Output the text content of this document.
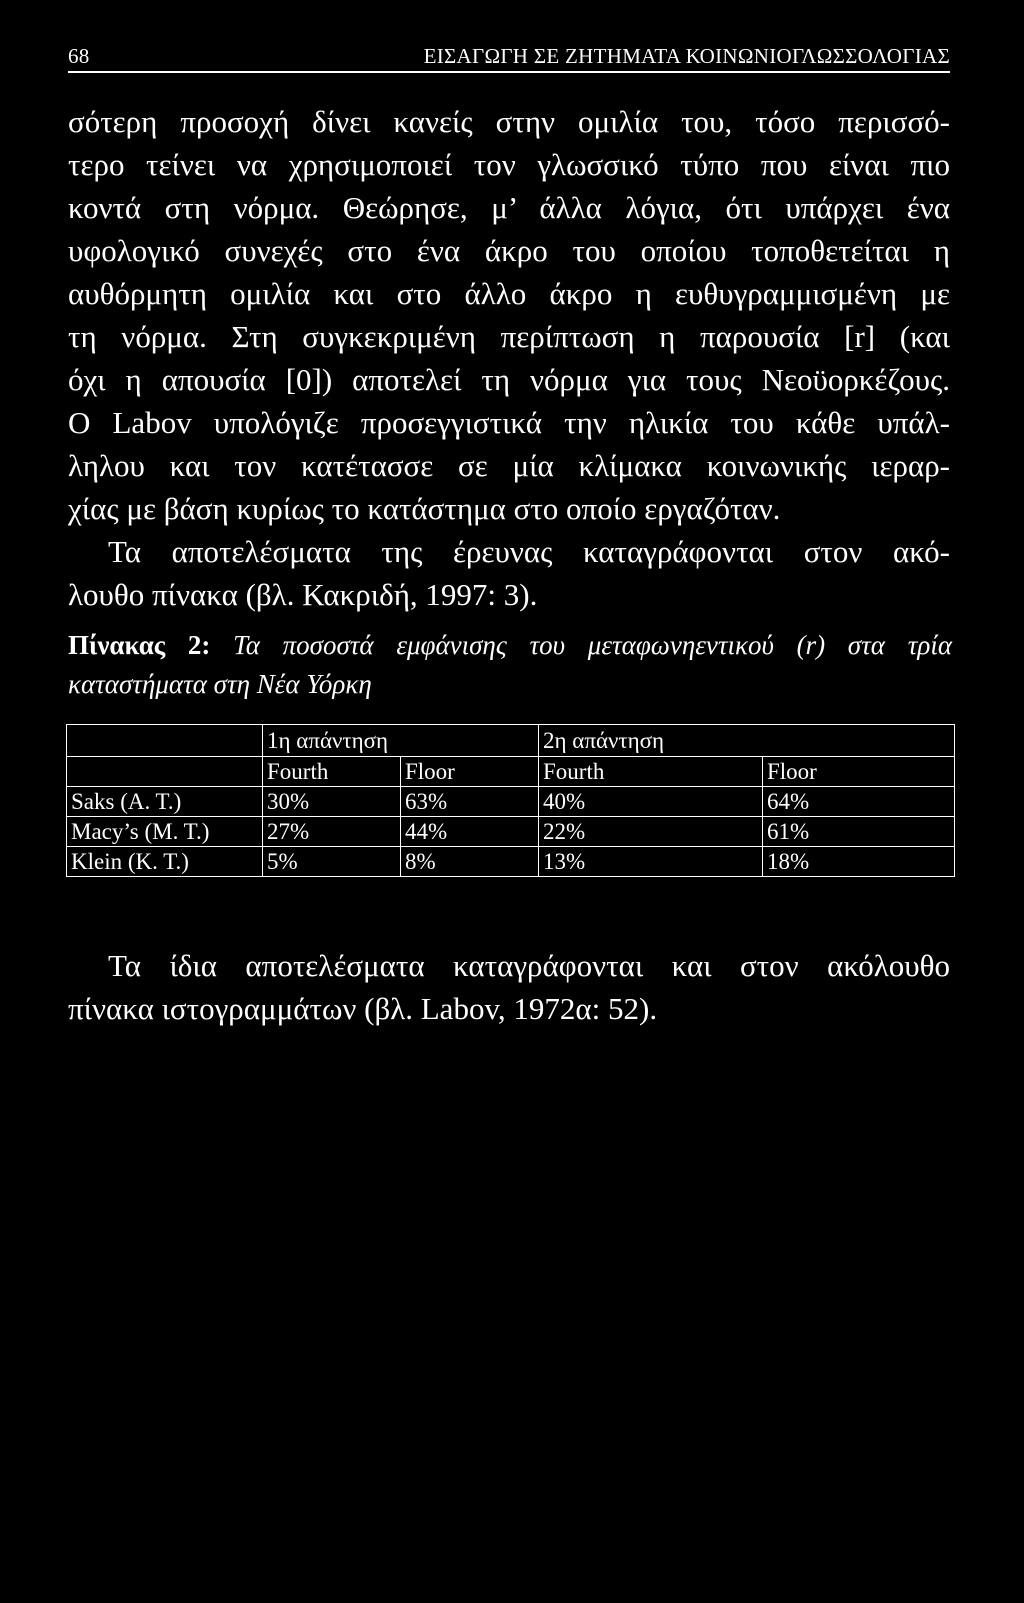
68	ΕΙΣΑΓΩΓΗ ΣΕ ΖΗΤΗΜΑΤΑ ΚΟΙΝΩΝΙΟΓΛΩΣΣΟΛΟΓΙΑΣ
σότερη προσοχή δίνει κανείς στην ομιλία του, τόσο περισσό-
τερο τείνει να χρησιμοποιεί τον γλωσσικό τύπο που είναι πιο
κοντά στη νόρμα. Θεώρησε, μ’ άλλα λόγια, ότι υπάρχει ένα
υφολογικό συνεχές στο ένα άκρο του οποίου τοποθετείται η
αυθόρμητη ομιλία και στο άλλο άκρο η ευθυγραμμισμένη με
τη νόρμα. Στη συγκεκριμένη περίπτωση η παρουσία [r] (και
όχι η απουσία [0]) αποτελεί τη νόρμα για τους Νεοϋορκέζους.
Ο Labov υπολόγιζε προσεγγιστικά την ηλικία του κάθε υπάλ-
ληλου και τον κατέτασσε σε μία κλίμακα κοινωνικής ιεραρ-
χίας με βάση κυρίως το κατάστημα στο οποίο εργαζόταν.
Τα αποτελέσματα της έρευνας καταγράφονται στον ακό-
λουθο πίνακα (βλ. Κακριδή, 1997: 3).
Πίνακας 2: Τα ποσοστά εμφάνισης του μεταφωνηεντικού (r) στα τρία
καταστήματα στη Νέα Υόρκη
	1η απάντηση		2η απάντηση	
	Fourth	Floor	Fourth	Floor
Saks (Α. Τ.)	30%	63%	40%	64%
Macy’s (Μ. Τ.)	27%	44%	22%	61%
Klein (Κ. Τ.)	5%	8%	13%	18%
Τα ίδια αποτελέσματα καταγράφονται και στον ακόλουθο
πίνακα ιστογραμμάτων (βλ. Labov, 1972α: 52).
